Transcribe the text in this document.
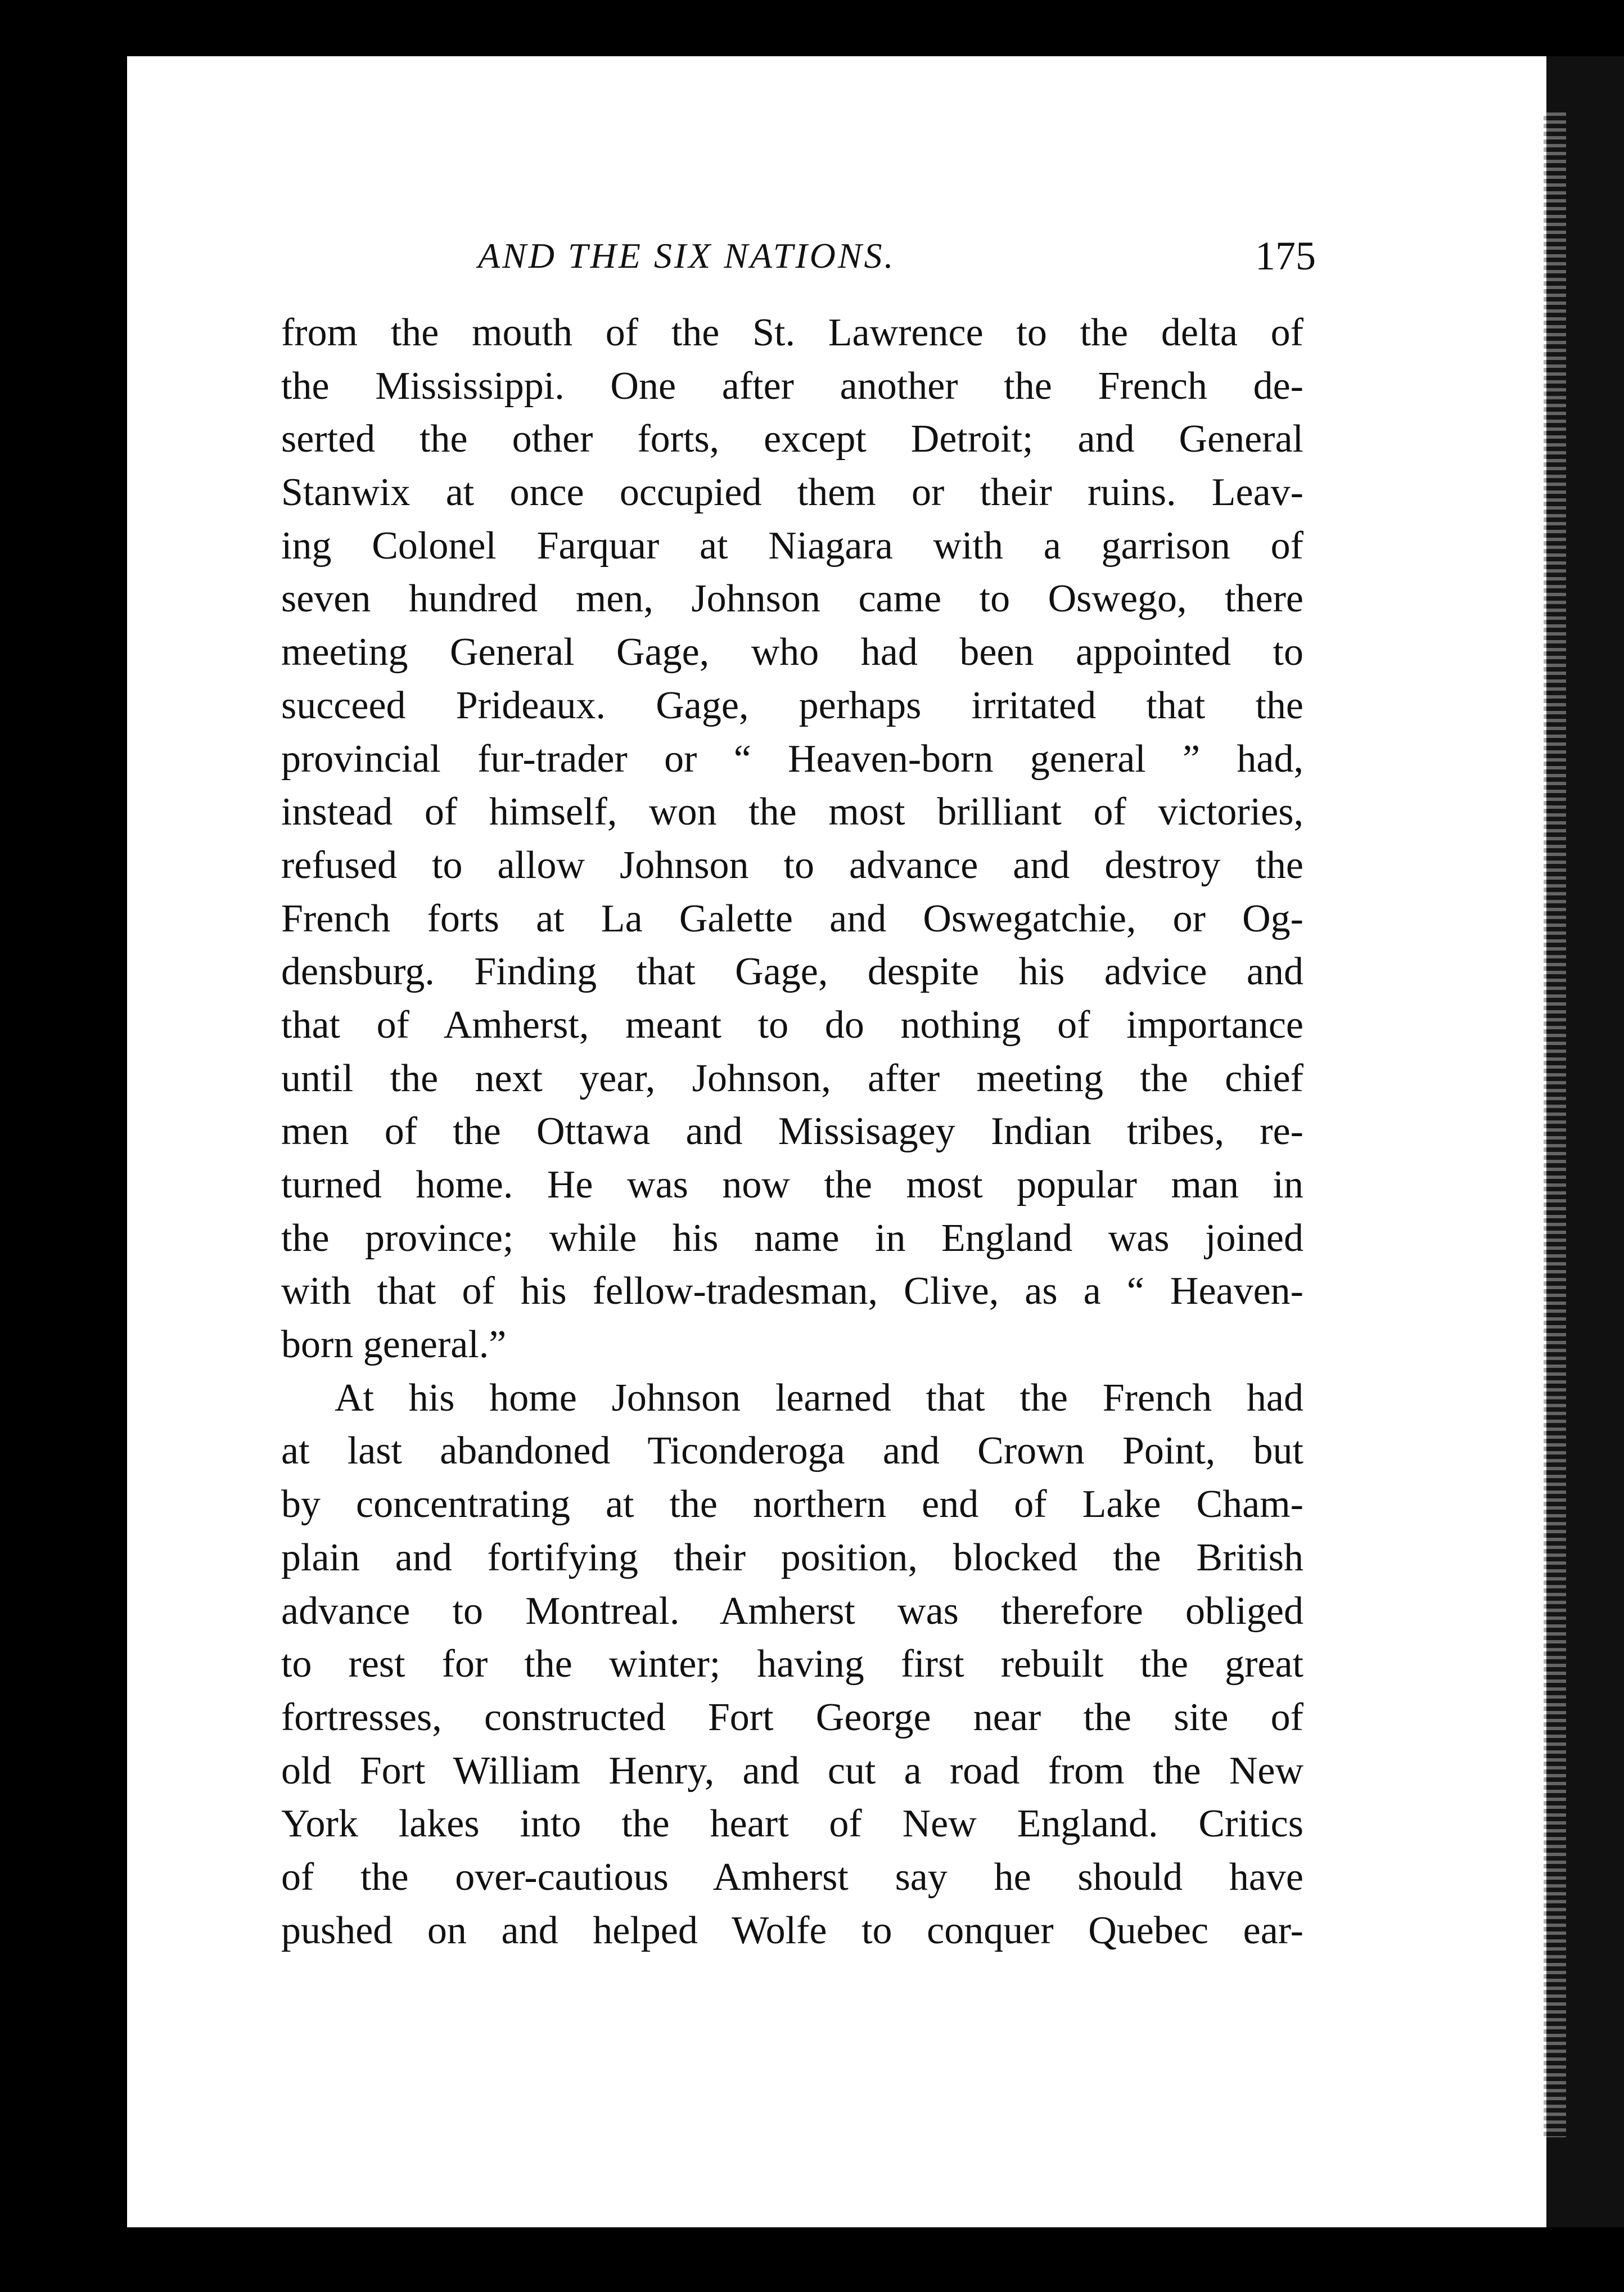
AND THE SIX NATIONS.	175
from the mouth of the St. Lawrence to the delta of
the Mississippi. One after another the French de-
serted the other forts, except Detroit; and General
Stanwix at once occupied them or their ruins. Leav-
ing Colonel Farquar at Niagara with a garrison of
seven hundred men, Johnson came to Oswego, there
meeting General Gage, who had been appointed to
succeed Prideaux. Gage, perhaps irritated that the
provincial fur-trader or “ Heaven-born general ” had,
instead of himself, won the most brilliant of victories,
refused to allow Johnson to advance and destroy the
French forts at La Galette and Oswegatchie, or Og-
densburg. Finding that Gage, despite his advice and
that of Amherst, meant to do nothing of importance
until the next year, Johnson, after meeting the chief
men of the Ottawa and Missisagey Indian tribes, re-
turned home. He was now the most popular man in
the province; while his name in England was joined
with that of his fellow-tradesman, Clive, as a “ Heaven-
born general.”
At his home Johnson learned that the French had
at last abandoned Ticonderoga and Crown Point, but
by concentrating at the northern end of Lake Cham-
plain and fortifying their position, blocked the British
advance to Montreal. Amherst was therefore obliged
to rest for the winter; having first rebuilt the great
fortresses, constructed Fort George near the site of
old Fort William Henry, and cut a road from the New
York lakes into the heart of New England. Critics
of the over-cautious Amherst say he should have
pushed on and helped Wolfe to conquer Quebec ear-
